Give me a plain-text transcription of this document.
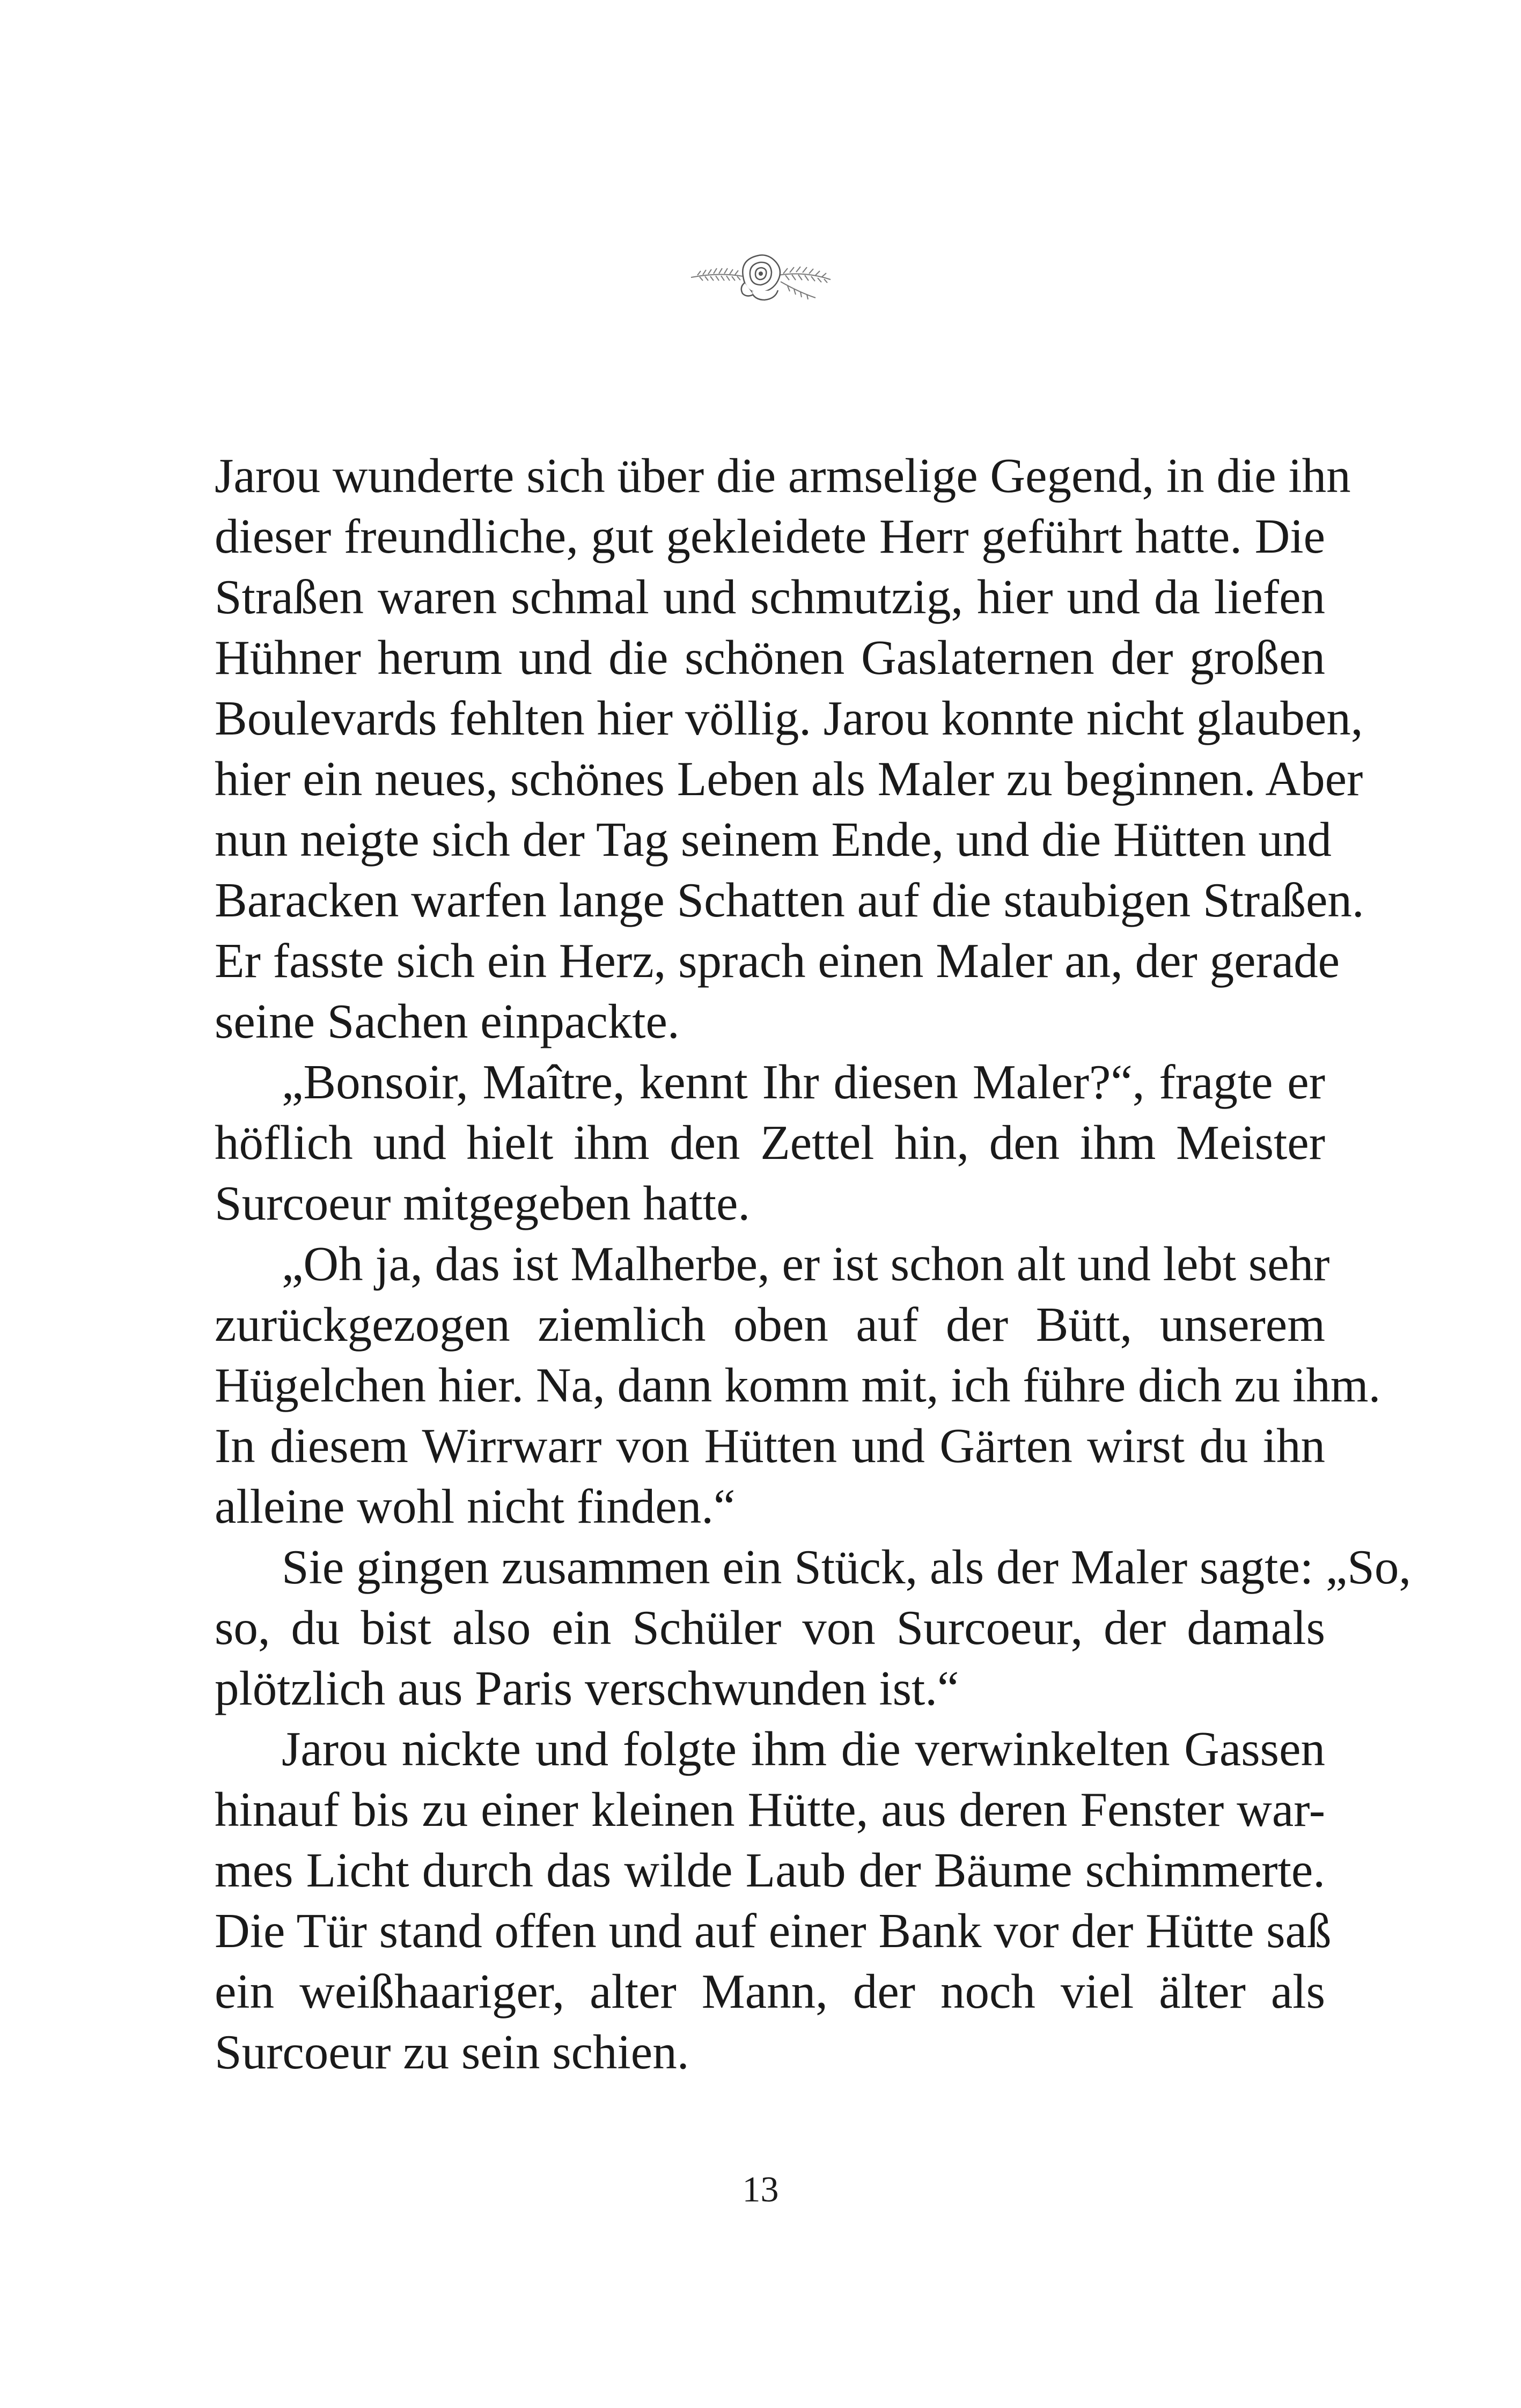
Jarou wunderte sich über die armselige Gegend, in die ihn
dieser freundliche, gut gekleidete Herr geführt hatte. Die
Straßen waren schmal und schmutzig, hier und da liefen
Hühner herum und die schönen Gaslaternen der großen
Boulevards fehlten hier völlig. Jarou konnte nicht glauben,
hier ein neues, schönes Leben als Maler zu beginnen. Aber
nun neigte sich der Tag seinem Ende, und die Hütten und
Baracken warfen lange Schatten auf die staubigen Straßen.
Er fasste sich ein Herz, sprach einen Maler an, der gerade
seine Sachen einpackte.
„Bonsoir, Maître, kennt Ihr diesen Maler?“, fragte er
höflich und hielt ihm den Zettel hin, den ihm Meister
Surcoeur mitgegeben hatte.
„Oh ja, das ist Malherbe, er ist schon alt und lebt sehr
zurückgezogen ziemlich oben auf der Bütt, unserem
Hügelchen hier. Na, dann komm mit, ich führe dich zu ihm.
In diesem Wirrwarr von Hütten und Gärten wirst du ihn
alleine wohl nicht finden.“
Sie gingen zusammen ein Stück, als der Maler sagte: „So,
so, du bist also ein Schüler von Surcoeur, der damals
plötzlich aus Paris verschwunden ist.“
Jarou nickte und folgte ihm die verwinkelten Gassen
hinauf bis zu einer kleinen Hütte, aus deren Fenster war-
mes Licht durch das wilde Laub der Bäume schimmerte.
Die Tür stand offen und auf einer Bank vor der Hütte saß
ein weißhaariger, alter Mann, der noch viel älter als
Surcoeur zu sein schien.
13
